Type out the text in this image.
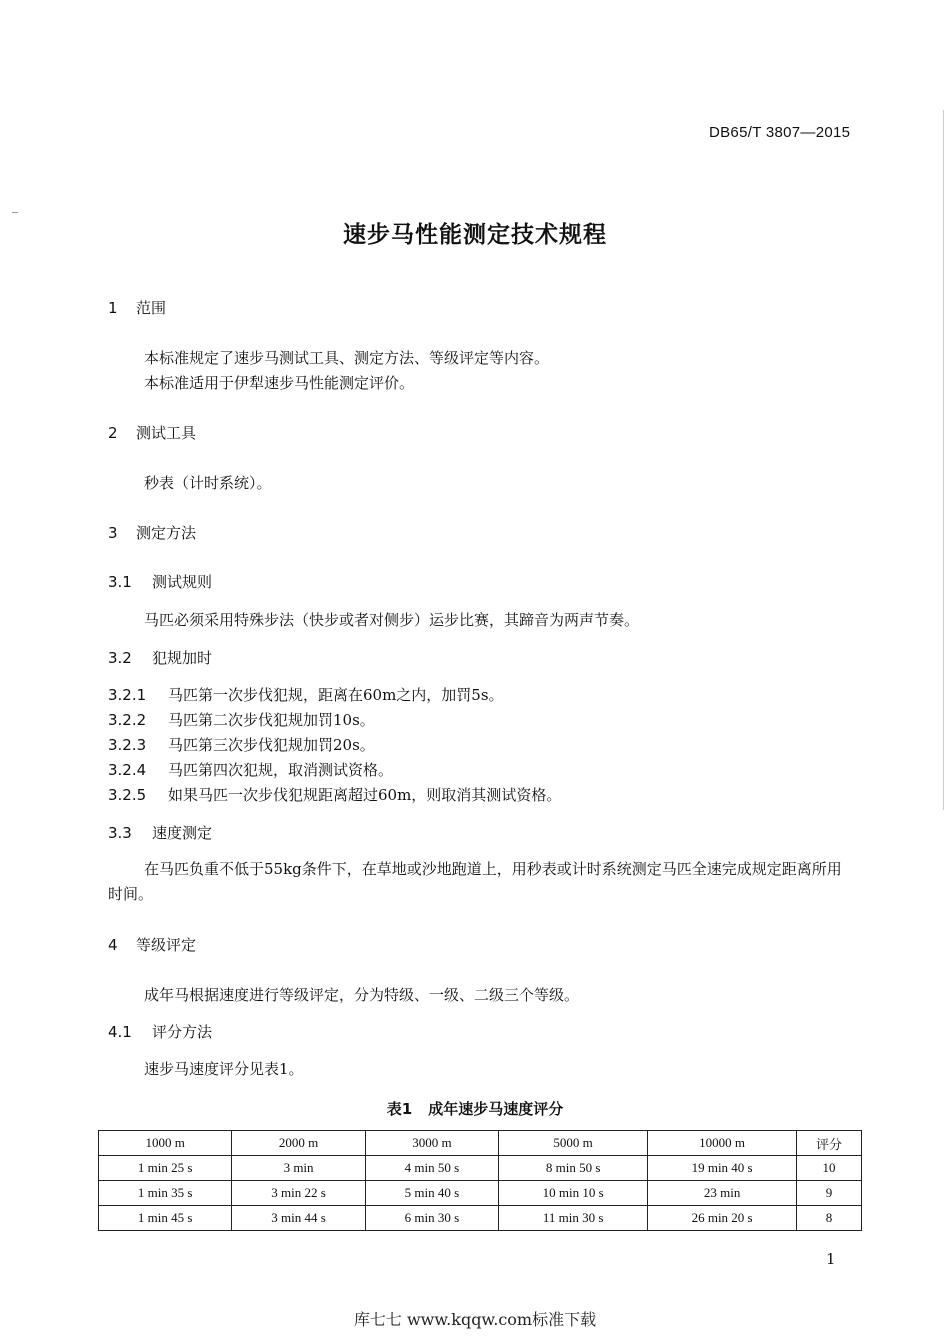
DB65/T 3807—2015
速步马性能测定技术规程
1 范围
本标准规定了速步马测试工具、测定方法、等级评定等内容。
本标准适用于伊犁速步马性能测定评价。
2 测试工具
秒表（计时系统）。
3 测定方法
3.1 测试规则
马匹必须采用特殊步法（快步或者对侧步）运步比赛，其蹄音为两声节奏。
3.2 犯规加时
3.2.1 马匹第一次步伐犯规，距离在60m之内，加罚5s。
3.2.2 马匹第二次步伐犯规加罚10s。
3.2.3 马匹第三次步伐犯规加罚20s。
3.2.4 马匹第四次犯规，取消测试资格。
3.2.5 如果马匹一次步伐犯规距离超过60m，则取消其测试资格。
3.3 速度测定
在马匹负重不低于55kg条件下，在草地或沙地跑道上，用秒表或计时系统测定马匹全速完成规定距离所用时间。
4 等级评定
成年马根据速度进行等级评定，分为特级、一级、二级三个等级。
4.1 评分方法
速步马速度评分见表1。
表1 成年速步马速度评分
1000 m	2000 m	3000 m	5000 m	10000 m	评分
1 min 25 s	3 min	4 min 50 s	8 min 50 s	19 min 40 s	10
1 min 35 s	3 min 22 s	5 min 40 s	10 min 10 s	23 min	9
1 min 45 s	3 min 44 s	6 min 30 s	11 min 30 s	26 min 20 s	8
1
库七七 www.kqqw.com标准下载
